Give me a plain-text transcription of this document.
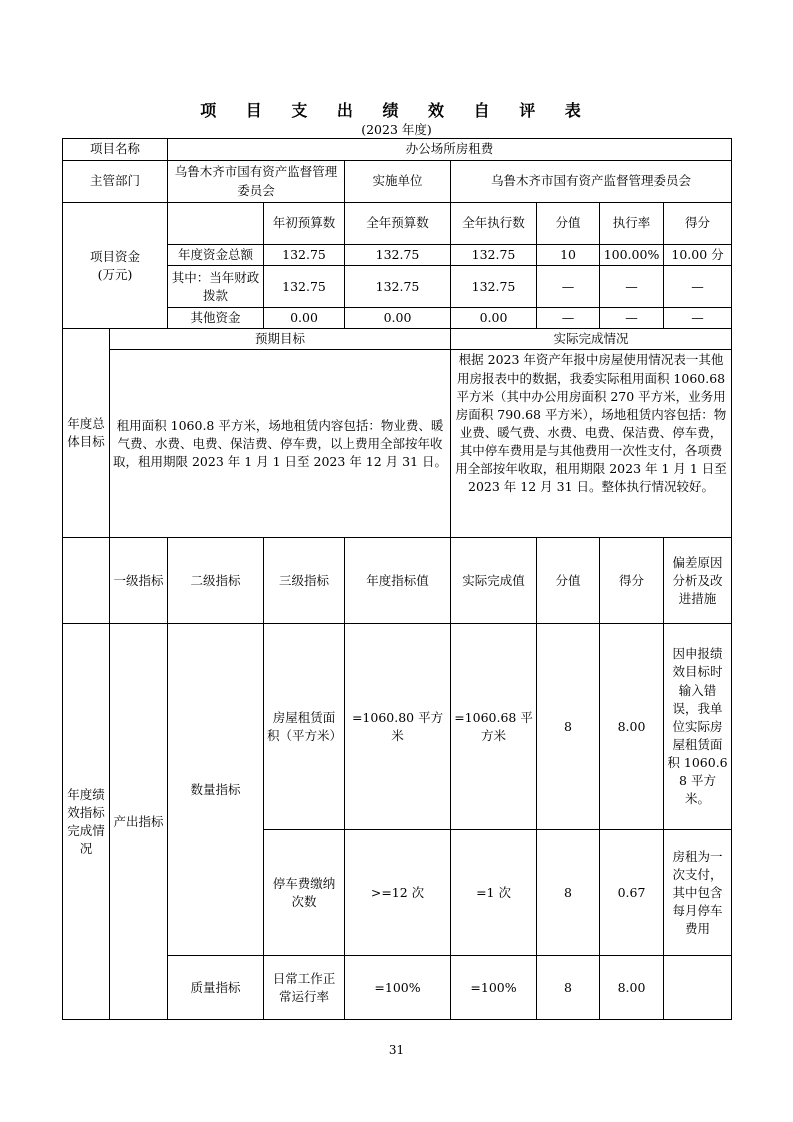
项 目 支 出 绩 效 自 评 表
(2023 年度)
项目名称		办公场所房租费						
主管部门		乌鲁木齐市国有资产监督管理委员会		实施单位	乌鲁木齐市国有资产监督管理委员会			
项目资金
(万元)			年初预算数	全年预算数	全年执行数	分值	执行率	得分
		年度资金总额	132.75	132.75	132.75	10	100.00%	10.00 分
		其中：当年财政拨款	132.75	132.75	132.75	—	—	—
		其他资金	0.00	0.00	0.00	—	—	—
年度总体目标	预期目标				实际完成情况			
	租用面积 1060.8 平方米，场地租赁内容包括：物业费、暖气费、水费、电费、保洁费、停车费，以上费用全部按年收取，租用期限 2023 年 1 月 1 日至 2023 年 12 月 31 日。				根据 2023 年资产年报中房屋使用情况表一其他用房报表中的数据，我委实际租用面积 1060.68 平方米（其中办公用房面积 270 平方米，业务用房面积 790.68 平方米），场地租赁内容包括：物业费、暖气费、水费、电费、保洁费、停车费，其中停车费用是与其他费用一次性支付，各项费用全部按年收取，租用期限 2023 年 1 月 1 日至 2023 年 12 月 31 日。整体执行情况较好。			
	一级指标	二级指标	三级指标	年度指标值	实际完成值	分值	得分	偏差原因分析及改进措施
年度绩效指标完成情况	产出指标	数量指标	房屋租赁面积（平方米）	=1060.80 平方米	=1060.68 平方米	8	8.00	因申报绩效目标时输入错误，我单位实际房屋租赁面积 1060.68 平方米。
			停车费缴纳次数	>=12 次	=1 次	8	0.67	房租为一次支付，其中包含每月停车费用
		质量指标	日常工作正常运行率	=100%	=100%	8	8.00	
31
